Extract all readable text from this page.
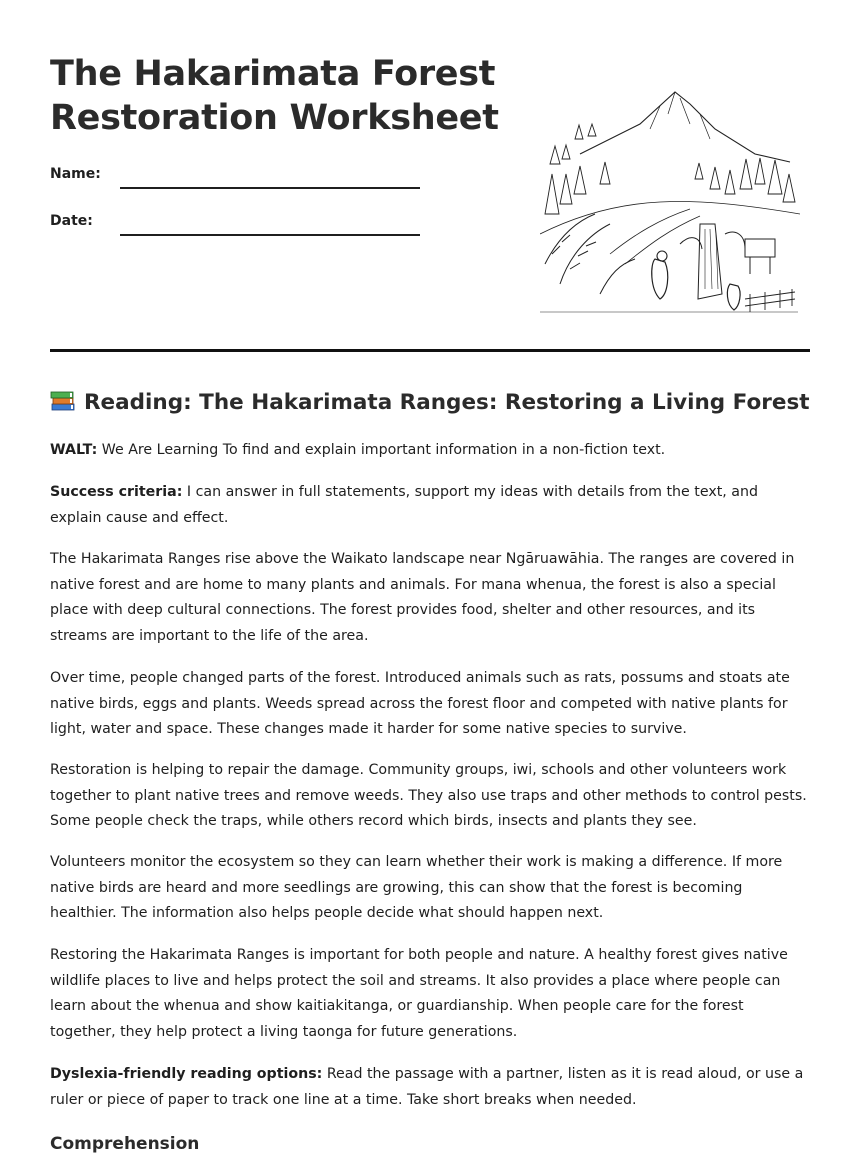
The Hakarimata Forest Restoration Worksheet
Name:
Date:
Reading: The Hakarimata Ranges: Restoring a Living Forest

WALT: We Are Learning To find and explain important information in a non-fiction text.

Success criteria: I can answer in full statements, support my ideas with details from the text, and explain cause and effect.

The Hakarimata Ranges rise above the Waikato landscape near Ngāruawāhia. The ranges are covered in native forest and are home to many plants and animals. For mana whenua, the forest is also a special place with deep cultural connections. The forest provides food, shelter and other resources, and its streams are important to the life of the area.

Over time, people changed parts of the forest. Introduced animals such as rats, possums and stoats ate native birds, eggs and plants. Weeds spread across the forest floor and competed with native plants for light, water and space. These changes made it harder for some native species to survive.

Restoration is helping to repair the damage. Community groups, iwi, schools and other volunteers work together to plant native trees and remove weeds. They also use traps and other methods to control pests. Some people check the traps, while others record which birds, insects and plants they see.

Volunteers monitor the ecosystem so they can learn whether their work is making a difference. If more native birds are heard and more seedlings are growing, this can show that the forest is becoming healthier. The information also helps people decide what should happen next.

Restoring the Hakarimata Ranges is important for both people and nature. A healthy forest gives native wildlife places to live and helps protect the soil and streams. It also provides a place where people can learn about the whenua and show kaitiakitanga, or guardianship. When people care for the forest together, they help protect a living taonga for future generations.

Dyslexia-friendly reading options: Read the passage with a partner, listen as it is read aloud, or use a ruler or piece of paper to track one line at a time. Take short breaks when needed.

Comprehension
